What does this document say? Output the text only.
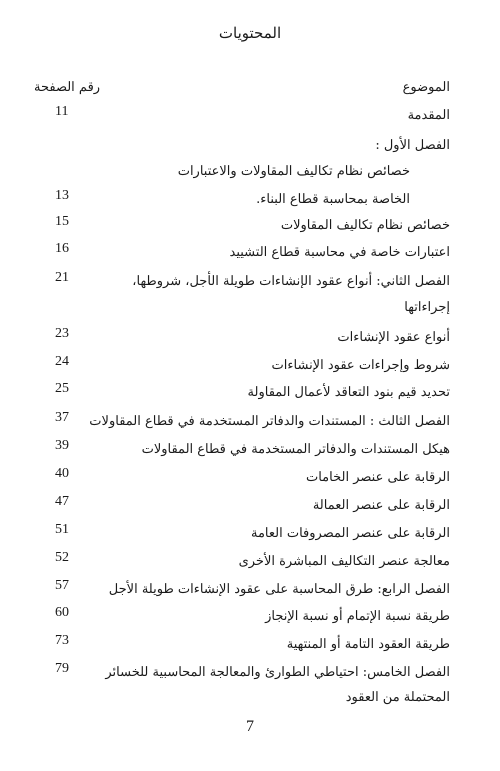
المحتويات
الموضوع
رقم الصفحة
المقدمة
11
الفصل الأول :
خصائص نظام تكاليف المقاولات والاعتبارات
الخاصة بمحاسبة قطاع البناء.
13
خصائص نظام تكاليف المقاولات
15
اعتبارات خاصة في محاسبة قطاع التشييد
16
الفصل الثاني: أنواع عقود الإنشاءات طويلة الأجل، شروطها،
21
إجراءاتها
أنواع عقود الإنشاءات
23
شروط وإجراءات عقود الإنشاءات
24
تحديد قيم بنود التعاقد لأعمال المقاولة
25
الفصل الثالث : المستندات والدفاتر المستخدمة في قطاع المقاولات
37
هيكل المستندات والدفاتر المستخدمة في قطاع المقاولات
39
الرقابة على عنصر الخامات
40
الرقابة على عنصر العمالة
47
الرقابة على عنصر المصروفات العامة
51
معالجة عنصر التكاليف المباشرة الأخرى
52
الفصل الرابع: طرق المحاسبة على عقود الإنشاءات طويلة الأجل
57
طريقة نسبة الإتمام أو نسبة الإنجاز
60
طريقة العقود التامة أو المنتهية
73
الفصل الخامس: احتياطي الطوارئ والمعالجة المحاسبية للخسائر
79
المحتملة من العقود
7
